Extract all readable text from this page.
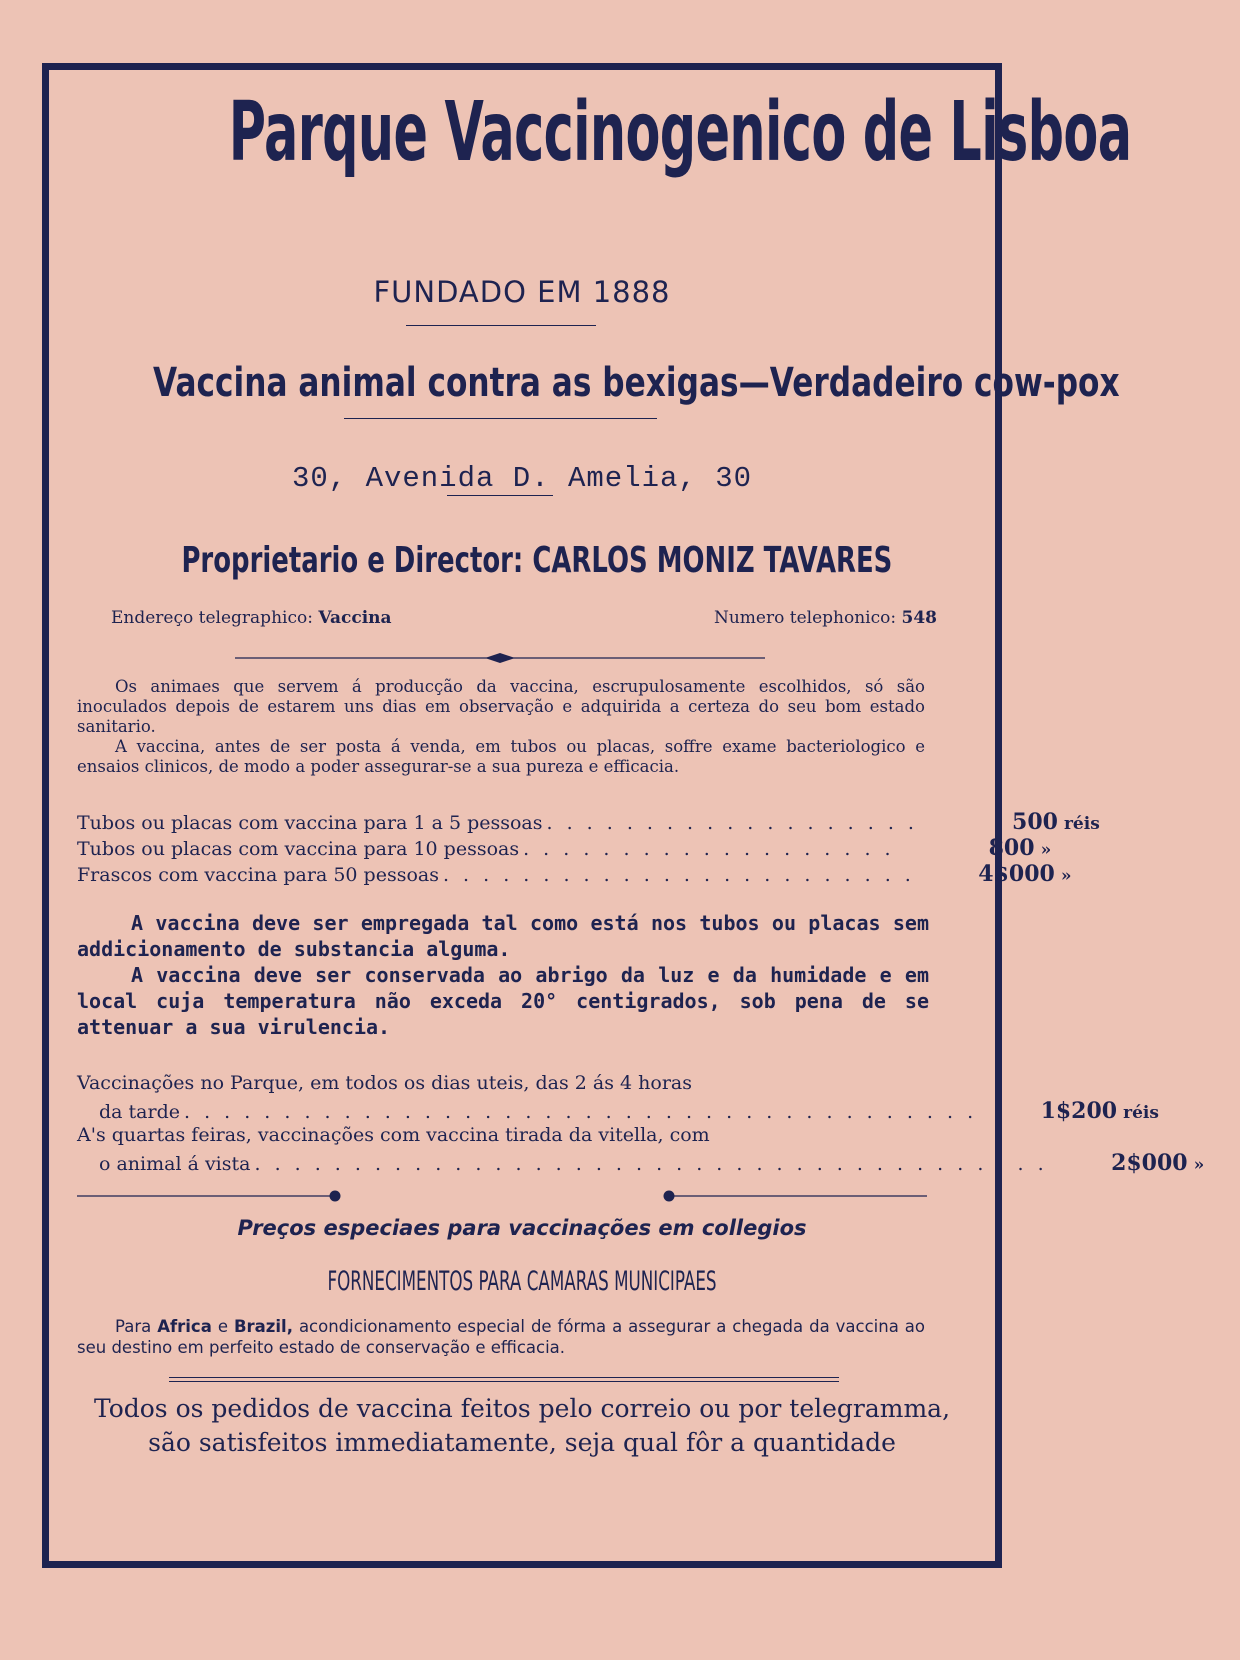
Parque Vaccinogenico de Lisboa
FUNDADO EM 1888
Vaccina animal contra as bexigas—Verdadeiro cow-pox
30, Avenida D. Amelia, 30
Proprietario e Director: CARLOS MONIZ TAVARES
Endereço telegraphico: Vaccina	Numero telephonico: 548

Os animaes que servem á producção da vaccina, escrupulosamente escolhidos, só são inoculados depois de estarem uns dias em observação e adquirida a certeza do seu bom estado sanitario.

A vaccina, antes de ser posta á venda, em tubos ou placas, soffre exame bacteriologico e ensaios clinicos, de modo a poder assegurar-se a sua pureza e efficacia.

Tubos ou placas com vaccina para 1 a 5 pessoas . . . . . . . . . . . . . . . . . . .	500 réis
Tubos ou placas com vaccina para 10 pessoas . . . . . . . . . . . . . . . . . . .	800 »
Frascos com vaccina para 50 pessoas . . . . . . . . . . . . . . . . . . . . . . . .	4$000 »

A vaccina deve ser empregada tal como está nos tubos ou placas sem addicionamento de substancia alguma.

A vaccina deve ser conservada ao abrigo da luz e da humidade e em local cuja temperatura não exceda 20° centigrados, sob pena de se attenuar a sua virulencia.

Vaccinações no Parque, em todos os dias uteis, das 2 ás 4 horas
da tarde . . . . . . . . . . . . . . . . . . . . . . . . . . . . . . . . . . . . . . . .	1$200 réis
A's quartas feiras, vaccinações com vaccina tirada da vitella, com
o animal á vista . . . . . . . . . . . . . . . . . . . . . . . . . . . . . . . . . . . . . . . .	2$000 »
Preços especiaes para vaccinações em collegios
FORNECIMENTOS PARA CAMARAS MUNICIPAES

Para Africa e Brazil, acondicionamento especial de fórma a assegurar a chegada da vaccina ao seu destino em perfeito estado de conservação e efficacia.

Todos os pedidos de vaccina feitos pelo correio ou por telegramma,
são satisfeitos immediatamente, seja qual fôr a quantidade
